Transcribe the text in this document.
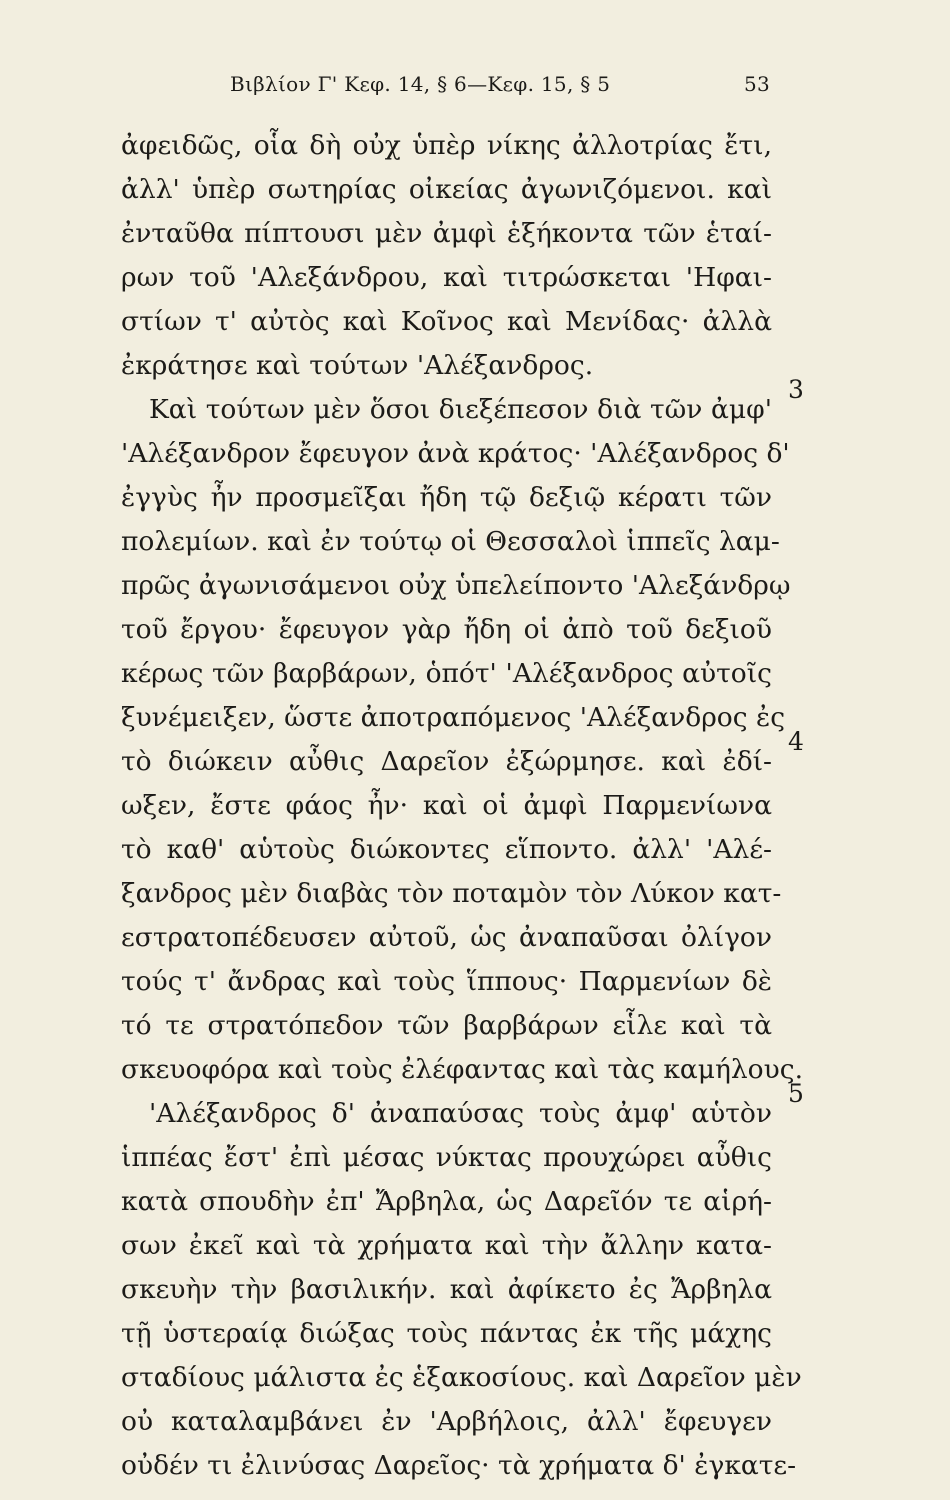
Βιβλίον Γ' Κεφ. 14, § 6—Κεφ. 15, § 5	53
ἀφειδῶς, οἷα δὴ οὐχ ὑπὲρ νίκης ἀλλοτρίας ἔτι,
ἀλλ' ὑπὲρ σωτηρίας οἰκείας ἀγωνιζόμενοι. καὶ
ἐνταῦθα πίπτουσι μὲν ἀμφὶ ἑξήκοντα τῶν ἑταί-
ρων τοῦ 'Αλεξάνδρου, καὶ τιτρώσκεται 'Ηφαι-
στίων τ' αὐτὸς καὶ Κοῖνος καὶ Μενίδας· ἀλλὰ
ἐκράτησε καὶ τούτων 'Αλέξανδρος.
Καὶ τούτων μὲν ὅσοι διεξέπεσον διὰ τῶν ἀμφ'
'Αλέξανδρον ἔφευγον ἀνὰ κράτος· 'Αλέξανδρος δ'
ἐγγὺς ἦν προσμεῖξαι ἤδη τῷ δεξιῷ κέρατι τῶν
πολεμίων. καὶ ἐν τούτῳ οἱ Θεσσαλοὶ ἱππεῖς λαμ-
πρῶς ἀγωνισάμενοι οὐχ ὑπελείποντο 'Αλεξάνδρῳ
τοῦ ἔργου· ἔφευγον γὰρ ἤδη οἱ ἀπὸ τοῦ δεξιοῦ
κέρως τῶν βαρβάρων, ὁπότ' 'Αλέξανδρος αὐτοῖς
ξυνέμειξεν, ὥστε ἀποτραπόμενος 'Αλέξανδρος ἐς
τὸ διώκειν αὖθις Δαρεῖον ἐξώρμησε. καὶ ἐδί-
ωξεν, ἔστε φάος ἦν· καὶ οἱ ἀμφὶ Παρμενίωνα
τὸ καθ' αὑτοὺς διώκοντες εἵποντο. ἀλλ' 'Αλέ-
ξανδρος μὲν διαβὰς τὸν ποταμὸν τὸν Λύκον κατ-
εστρατοπέδευσεν αὐτοῦ, ὡς ἀναπαῦσαι ὀλίγον
τούς τ' ἄνδρας καὶ τοὺς ἵππους· Παρμενίων δὲ
τό τε στρατόπεδον τῶν βαρβάρων εἷλε καὶ τὰ
σκευοφόρα καὶ τοὺς ἐλέφαντας καὶ τὰς καμήλους.
'Αλέξανδρος δ' ἀναπαύσας τοὺς ἀμφ' αὑτὸν
ἱππέας ἔστ' ἐπὶ μέσας νύκτας προυχώρει αὖθις
κατὰ σπουδὴν ἐπ' Ἄρβηλα, ὡς Δαρεῖόν τε αἱρή-
σων ἐκεῖ καὶ τὰ χρήματα καὶ τὴν ἄλλην κατα-
σκευὴν τὴν βασιλικήν. καὶ ἀφίκετο ἐς Ἄρβηλα
τῇ ὑστεραίᾳ διώξας τοὺς πάντας ἐκ τῆς μάχης
σταδίους μάλιστα ἐς ἑξακοσίους. καὶ Δαρεῖον μὲν
οὐ καταλαμβάνει ἐν 'Αρβήλοις, ἀλλ' ἔφευγεν
οὐδέν τι ἐλινύσας Δαρεῖος· τὰ χρήματα δ' ἐγκατε-
3
4
5
